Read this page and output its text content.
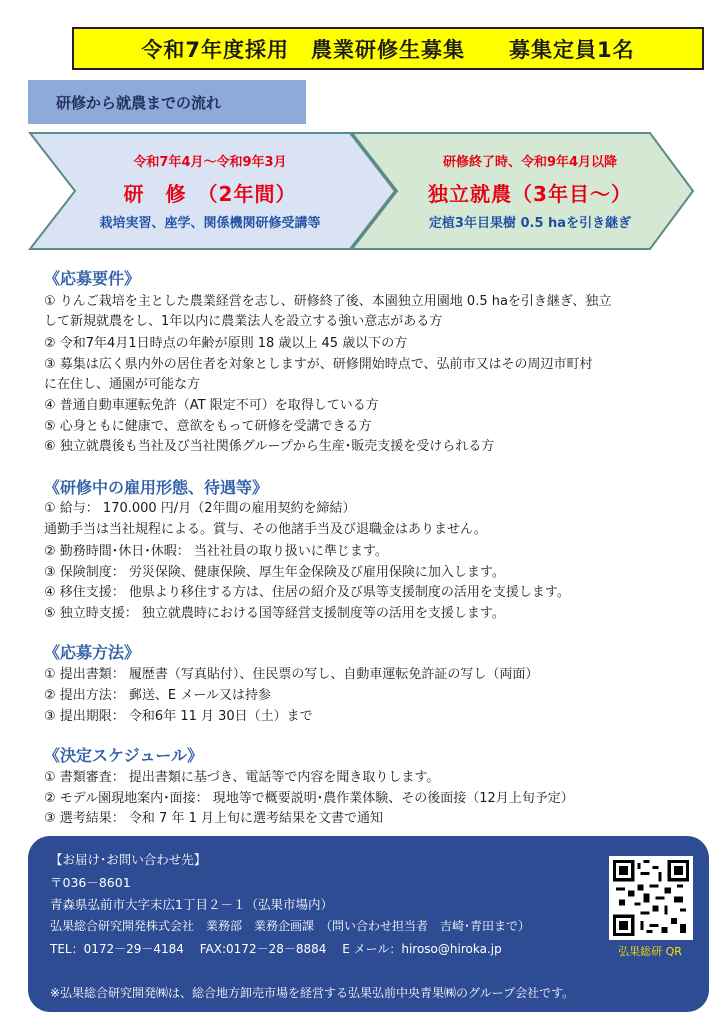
令和7年度採用　農業研修生募集　　募集定員1名
研修から就農までの流れ
令和7年4月～令和9年3月
研　修　（2年間）
栽培実習、座学、関係機関研修受講等
研修終了時、令和9年4月以降
独立就農（3年目～）
定植3年目果樹 0.5 haを引き継ぎ
《応募要件》
① りんご栽培を主とした農業経営を志し、研修終了後、本園独立用園地 0.5 haを引き継ぎ、独立
して新規就農をし、1年以内に農業法人を設立する強い意志がある方
② 令和7年4月1日時点の年齢が原則 18 歳以上 45 歳以下の方
③ 募集は広く県内外の居住者を対象としますが、研修開始時点で、弘前市又はその周辺市町村
に在住し、通園が可能な方
④ 普通自動車運転免許（AT 限定不可）を取得している方
⑤ 心身ともに健康で、意欲をもって研修を受講できる方
⑥ 独立就農後も当社及び当社関係グループから生産･販売支援を受けられる方
《研修中の雇用形態、待遇等》
① 給与： 170.000 円/月（2年間の雇用契約を締結）
通勤手当は当社規程による。賞与、その他諸手当及び退職金はありません。
② 勤務時間･休日･休暇： 当社社員の取り扱いに準じます。
③ 保険制度： 労災保険、健康保険、厚生年金保険及び雇用保険に加入します。
④ 移住支援： 他県より移住する方は、住居の紹介及び県等支援制度の活用を支援します。
⑤ 独立時支援： 独立就農時における国等経営支援制度等の活用を支援します。
《応募方法》
① 提出書類： 履歴書（写真貼付）、住民票の写し、自動車運転免許証の写し（両面）
② 提出方法： 郵送、E メール又は持参
③ 提出期限： 令和6年 11 月 30日（土）まで
《決定スケジュール》
① 書類審査： 提出書類に基づき、電話等で内容を聞き取りします。
② モデル園現地案内･面接： 現地等で概要説明･農作業体験、その後面接（12月上旬予定）
③ 選考結果： 令和 7 年 1 月上旬に選考結果を文書で通知
【お届け･お問い合わせ先】
〒036－8601
青森県弘前市大字末広1丁目２－１（弘果市場内）
弘果総合研究開発株式会社　業務部　業務企画課　（問い合わせ担当者　吉崎･青田まで）
TEL：0172－29－4184　 FAX:0172－28－8884　 E メール：hiroso@hiroka.jp
※弘果総合研究開発㈱は、総合地方卸売市場を経営する弘果弘前中央青果㈱のグループ会社です。
弘果総研 QR
